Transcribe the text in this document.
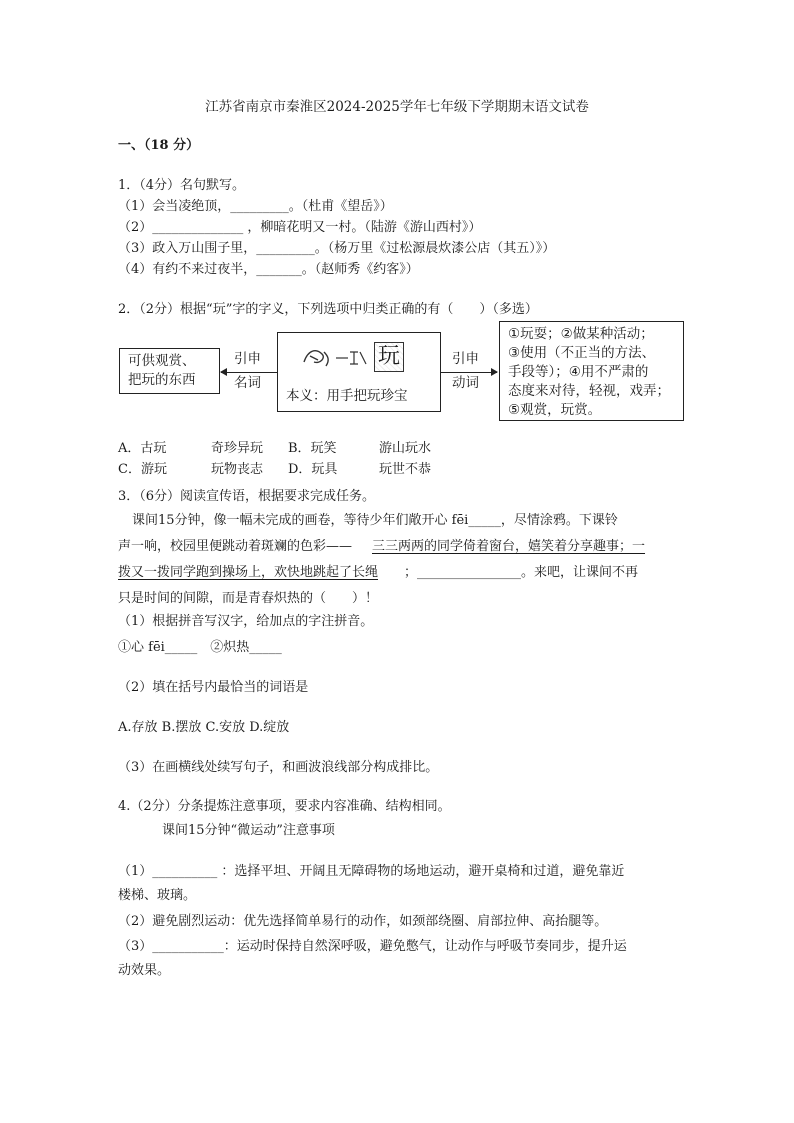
江苏省南京市秦淮区2024-2025学年七年级下学期期末语文试卷
一、（18 分）
1．（4分）名句默写。
（1）会当凌绝顶，_________。（杜甫《望岳》）
（2）______________ ，柳暗花明又一村。（陆游《游山西村》）
（3）政入万山围子里，_________。（杨万里《过松源晨炊漆公店（其五）》）
（4）有约不来过夜半，_______。（赵师秀《约客》）
2．（2分）根据“玩”字的字义，下列选项中归类正确的有（　　）（多选）
可供观赏、
把玩的东西
引申
名词
玩
本义：用手把玩珍宝
引申
动词
①玩耍；②做某种活动；
③使用（不正当的方法、
手段等）；④用不严肃的
态度来对待，轻视，戏弄；
⑤观赏，玩赏。
A．古玩	奇珍异玩 B．玩笑	游山玩水
C．游玩	玩物丧志 D．玩具	玩世不恭
3．（6分）阅读宣传语，根据要求完成任务。
课间15分钟，像一幅未完成的画卷，等待少年们敞开心 fēi_____，尽情涂鸦。下课铃
声一响，校园里便跳动着斑斓的色彩—— 三三两两的同学倚着窗台，嬉笑着分享趣事；一
拨又一拨同学跑到操场上，欢快地跳起了长绳 ；________________。来吧，让课间不再
只是时间的间隙，而是青春炽热的（　　）！
（1）根据拼音写汉字，给加点的字注拼音。
①心 fēi_____　②炽热_____
（2）填在括号内最恰当的词语是
A.存放 B.摆放 C.安放 D.绽放
（3）在画横线处续写句子，和画波浪线部分构成排比。
4.（2分）分条提炼注意事项，要求内容准确、结构相同。
课间15分钟“微运动”注意事项
（1）__________ ：选择平坦、开阔且无障碍物的场地运动，避开桌椅和过道，避免靠近
楼梯、玻璃。
（2）避免剧烈运动：优先选择简单易行的动作，如颈部绕圈、肩部拉伸、高抬腿等。
（3）___________：运动时保持自然深呼吸，避免憋气，让动作与呼吸节奏同步，提升运
动效果。
